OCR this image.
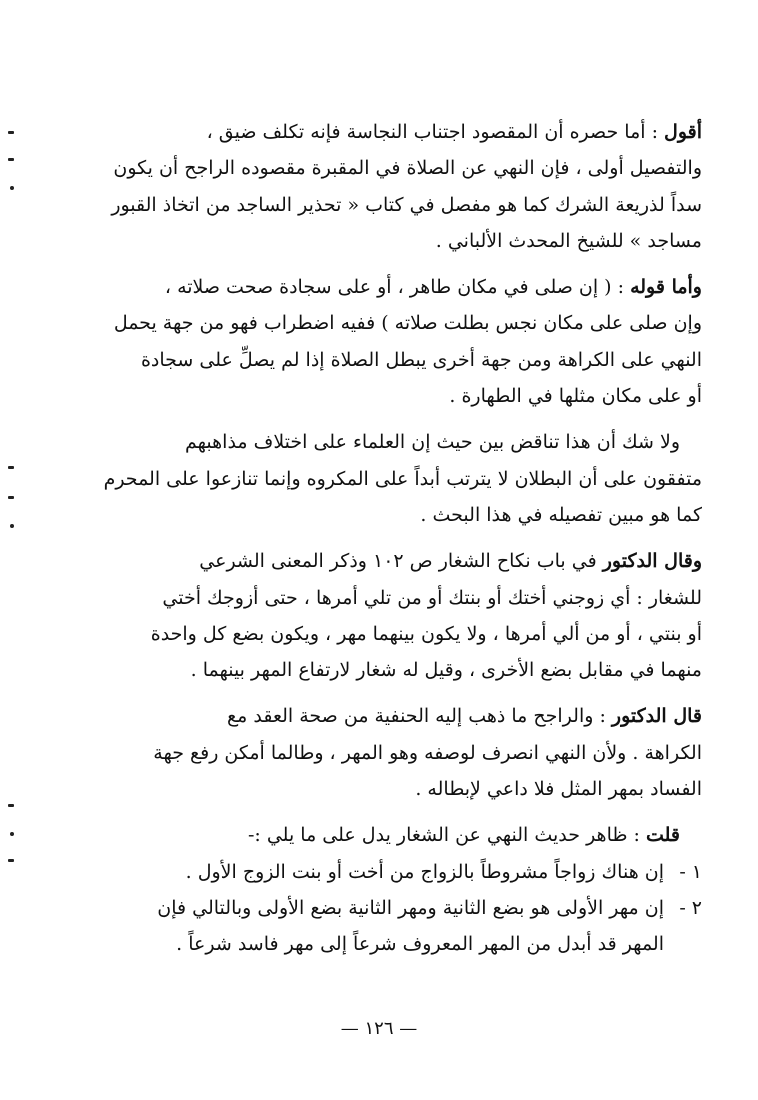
أقول : أما حصره أن المقصود اجتناب النجاسة فإنه تكلف ضيق ،
والتفصيل أولى ، فإن النهي عن الصلاة في المقبرة مقصوده الراجح أن يكون
سداً لذريعة الشرك كما هو مفصل في كتاب « تحذير الساجد من اتخاذ القبور
مساجد » للشيخ المحدث الألباني .
وأما قوله : ( إن صلى في مكان طاهر ، أو على سجادة صحت صلاته ،
وإن صلى على مكان نجس بطلت صلاته ) ففيه اضطراب فهو من جهة يحمل
النهي على الكراهة ومن جهة أخرى يبطل الصلاة إذا لم يصلِّ على سجادة
أو على مكان مثلها في الطهارة .
ولا شك أن هذا تناقض بين حيث إن العلماء على اختلاف مذاهبهم
متفقون على أن البطلان لا يترتب أبداً على المكروه وإنما تنازعوا على المحرم
كما هو مبين تفصيله في هذا البحث .
وقال الدكتور في باب نكاح الشغار ص ١٠٢ وذكر المعنى الشرعي
للشغار : أي زوجني أختك أو بنتك أو من تلي أمرها ، حتى أزوجك أختي
أو بنتي ، أو من ألي أمرها ، ولا يكون بينهما مهر ، ويكون بضع كل واحدة
منهما في مقابل بضع الأخرى ، وقيل له شغار لارتفاع المهر بينهما .
قال الدكتور : والراجح ما ذهب إليه الحنفية من صحة العقد مع
الكراهة . ولأن النهي انصرف لوصفه وهو المهر ، وطالما أمكن رفع جهة
الفساد بمهر المثل فلا داعي لإبطاله .
قلت : ظاهر حديث النهي عن الشغار يدل على ما يلي :-
١ -إن هناك زواجاً مشروطاً بالزواج من أخت أو بنت الزوج الأول .
٢ -إن مهر الأولى هو بضع الثانية ومهر الثانية بضع الأولى وبالتالي فإن
المهر قد أبدل من المهر المعروف شرعاً إلى مهر فاسد شرعاً .
— ١٢٦ —
